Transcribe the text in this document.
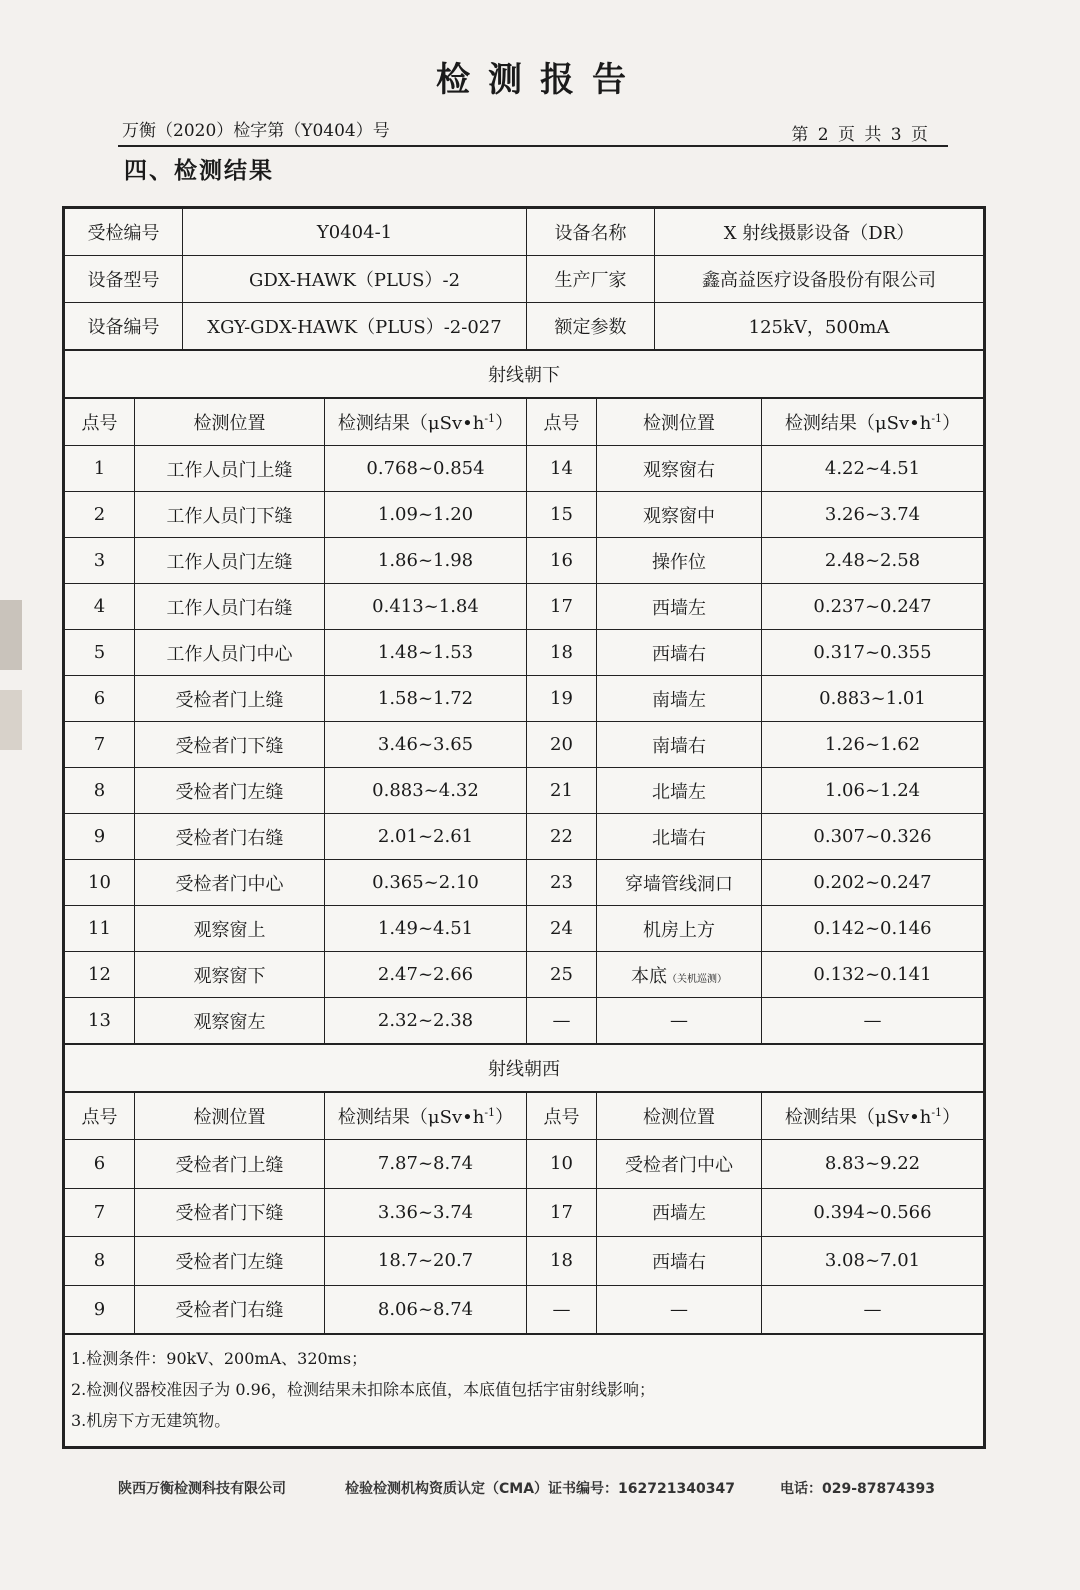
检测报告
万衡（2020）检字第（Y0404）号	第 2 页 共 3 页
四、检测结果
受检编号	Y0404-1	设备名称	X 射线摄影设备（DR）
设备型号	GDX-HAWK（PLUS）-2	生产厂家	鑫高益医疗设备股份有限公司
设备编号	XGY-GDX-HAWK（PLUS）-2-027	额定参数	125kV，500mA
射线朝下
点号	检测位置	检测结果$(\mu Sv•h^{-1})$	点号	检测位置	检测结果$(\mu Sv•h^{-1})$
1	工作人员门上缝	0.768~0.854	14	观察窗右	4.22~4.51
2	工作人员门下缝	1.09~1.20	15	观察窗中	3.26~3.74
3	工作人员门左缝	1.86~1.98	16	操作位	2.48~2.58
4	工作人员门右缝	0.413~1.84	17	西墙左	0.237~0.247
5	工作人员门中心	1.48~1.53	18	西墙右	0.317~0.355
6	受检者门上缝	1.58~1.72	19	南墙左	0.883~1.01
7	受检者门下缝	3.46~3.65	20	南墙右	1.26~1.62
8	受检者门左缝	0.883~4.32	21	北墙左	1.06~1.24
9	受检者门右缝	2.01~2.61	22	北墙右	0.307~0.326
10	受检者门中心	0.365~2.10	23	穿墙管线洞口	0.202~0.247
11	观察窗上	1.49~4.51	24	机房上方	0.142~0.146
12	观察窗下	2.47~2.66	25	本底（关机巡测）	0.132~0.141
13	观察窗左	2.32~2.38	—	—	—
射线朝西
点号	检测位置	检测结果$(\mu Sv•h^{-1})$	点号	检测位置	检测结果$(\mu Sv•h^{-1})$
6	受检者门上缝	7.87~8.74	10	受检者门中心	8.83~9.22
7	受检者门下缝	3.36~3.74	17	西墙左	0.394~0.566
8	受检者门左缝	18.7~20.7	18	西墙右	3.08~7.01
9	受检者门右缝	8.06~8.74	—	—	—
1.检测条件：90kV、200mA、320ms；
2.检测仪器校准因子为 0.96，检测结果未扣除本底值，本底值包括宇宙射线影响；
3.机房下方无建筑物。
陕西万衡检测科技有限公司	检验检测机构资质认定（CMA）证书编号：162721340347	电话：029-87874393
